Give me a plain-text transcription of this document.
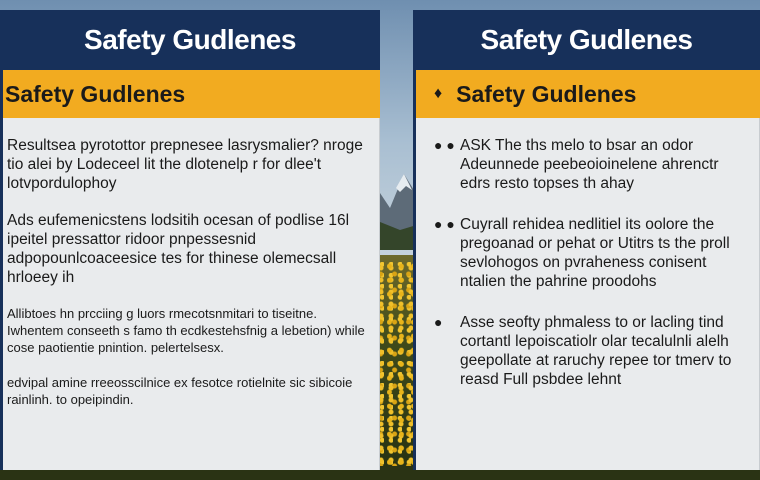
Safety Gudlenes
Safety Gudlenes

Resultsea pyrotottor prepnesee lasrysmalier? nroge tio alei by Lodeceel lit the dlotenelp r for dlee't lotvpordulophoy

Ads eufemenicstens lodsitih ocesan of podlise 16l ipeitel pressattor ridoor pnpessesnid adpopounlcoaceesice tes for thinese olemecsall hrloeey ih

Allibtoes hn prcciing g luors rmecotsnmitari to tiseitne. Iwhentem conseeth s famo th ecdkestehsfnig a lebetion) while cose paotientie pnintion. pelertelsesx.

edvipal amine rreeosscilnice ex fesotce rotielnite sic sibicoie rainlinh. to opeipindin.

Safety Gudlenes
♦ Safety Gudlenes
● ● ASK The ths melo to bsar an odor Adeunnede peebeoioinelene ahrenctr edrs resto topses th ahay
● ● Cuyrall rehidea nedlitiel its oolore the pregoanad or pehat or Utitrs ts the proll sevlohogos on pvraheness conisent ntalien the pahrine proodohs
●	Asse seofty phmaless to or lacling tind cortantl lepoiscatiolr olar tecalulnli alelh geepollate at raruchy repee tor tmerv to reasd Full psbdee lehnt
